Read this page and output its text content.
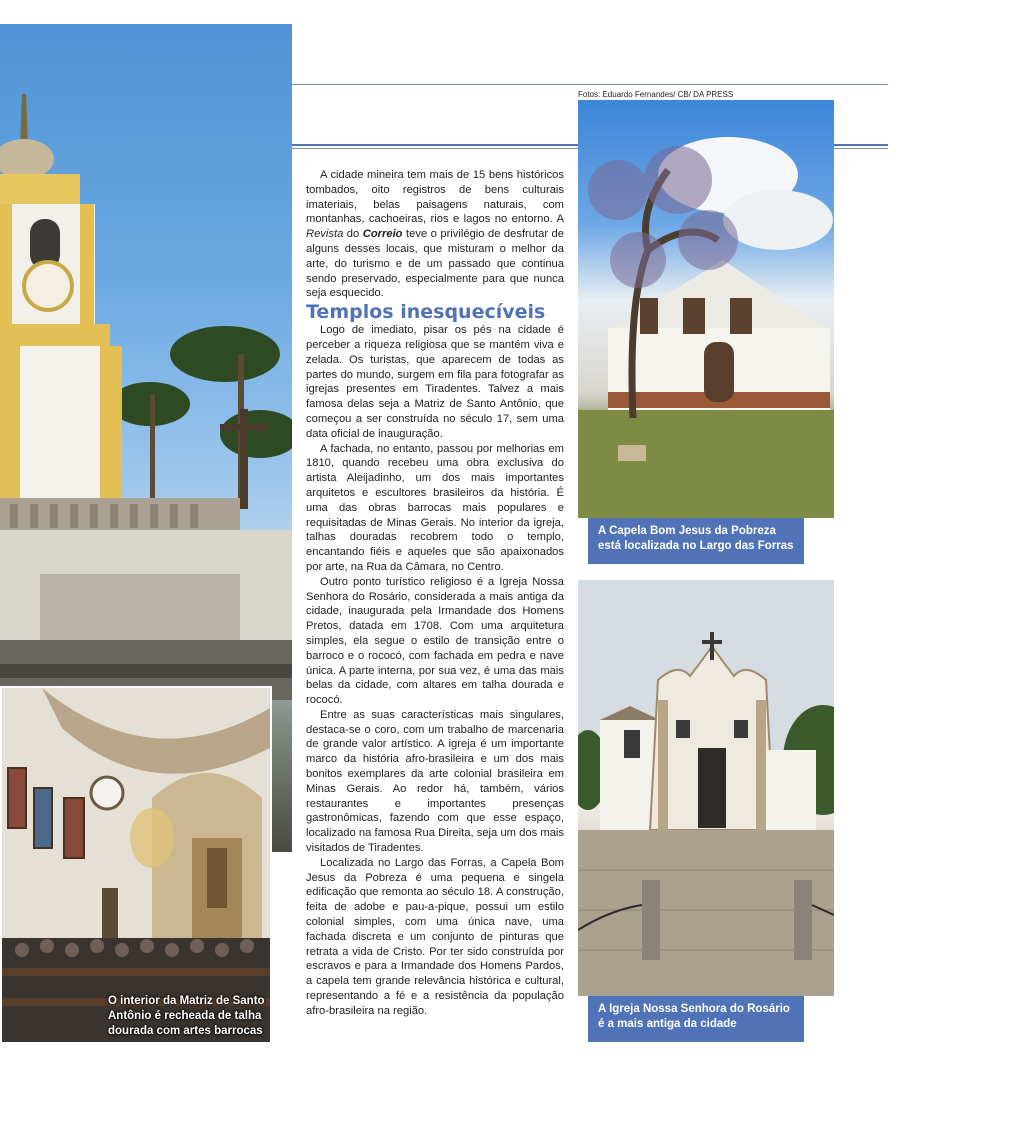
O interior da Matriz de Santo Antônio é recheada de talha dourada com artes barrocas
A Capela Bom Jesus da Pobreza está localizada no Largo das Forras
A Igreja Nossa Senhora do Rosário é a mais antiga da cidade
Fotos: Eduardo Fernandes/ CB/ DA PRESS

A cidade mineira tem mais de 15 bens históricos tombados, oito registros de bens culturais imateriais, belas paisagens naturais, com montanhas, cachoeiras, rios e lagos no entorno. A Revista do Correio teve o privilégio de desfrutar de alguns desses locais, que misturam o melhor da arte, do turismo e de um passado que continua sendo preservado, especialmente para que nunca seja esquecido.

Templos inesquecíveis

Logo de imediato, pisar os pés na cidade é perceber a riqueza religiosa que se mantém viva e zelada. Os turistas, que aparecem de todas as partes do mundo, surgem em fila para fotografar as igrejas presentes em Tiradentes. Talvez a mais famosa delas seja a Matriz de Santo Antônio, que começou a ser construída no século 17, sem uma data oficial de inauguração.

A fachada, no entanto, passou por melhorias em 1810, quando recebeu uma obra exclusiva do artista Aleijadinho, um dos mais importantes arquitetos e escultores brasileiros da história. É uma das obras barrocas mais populares e requisitadas de Minas Gerais. No interior da igreja, talhas douradas recobrem todo o templo, encantando fiéis e aqueles que são apaixonados por arte, na Rua da Câmara, no Centro.

Outro ponto turístico religioso é a Igreja Nossa Senhora do Rosário, considerada a mais antiga da cidade, inaugurada pela Irmandade dos Homens Pretos, datada em 1708. Com uma arquitetura simples, ela segue o estilo de transição entre o barroco e o rococó, com fachada em pedra e nave única. A parte interna, por sua vez, é uma das mais belas da cidade, com altares em talha dourada e rococó.

Entre as suas características mais singulares, destaca-se o coro, com um trabalho de marcenaria de grande valor artístico. A igreja é um importante marco da história afro-brasileira e um dos mais bonitos exemplares da arte colonial brasileira em Minas Gerais. Ao redor há, também, vários restaurantes e importantes presenças gastronômicas, fazendo com que esse espaço, localizado na famosa Rua Direita, seja um dos mais visitados de Tiradentes.

Localizada no Largo das Forras, a Capela Bom Jesus da Pobreza é uma pequena e singela edificação que remonta ao século 18. A construção, feita de adobe e pau-a-pique, possui um estilo colonial simples, com uma única nave, uma fachada discreta e um conjunto de pinturas que retrata a vida de Cristo. Por ter sido construída por escravos e para a Irmandade dos Homens Pardos, a capela tem grande relevância histórica e cultural, representando a fé e a resistência da população afro-brasileira na região.
